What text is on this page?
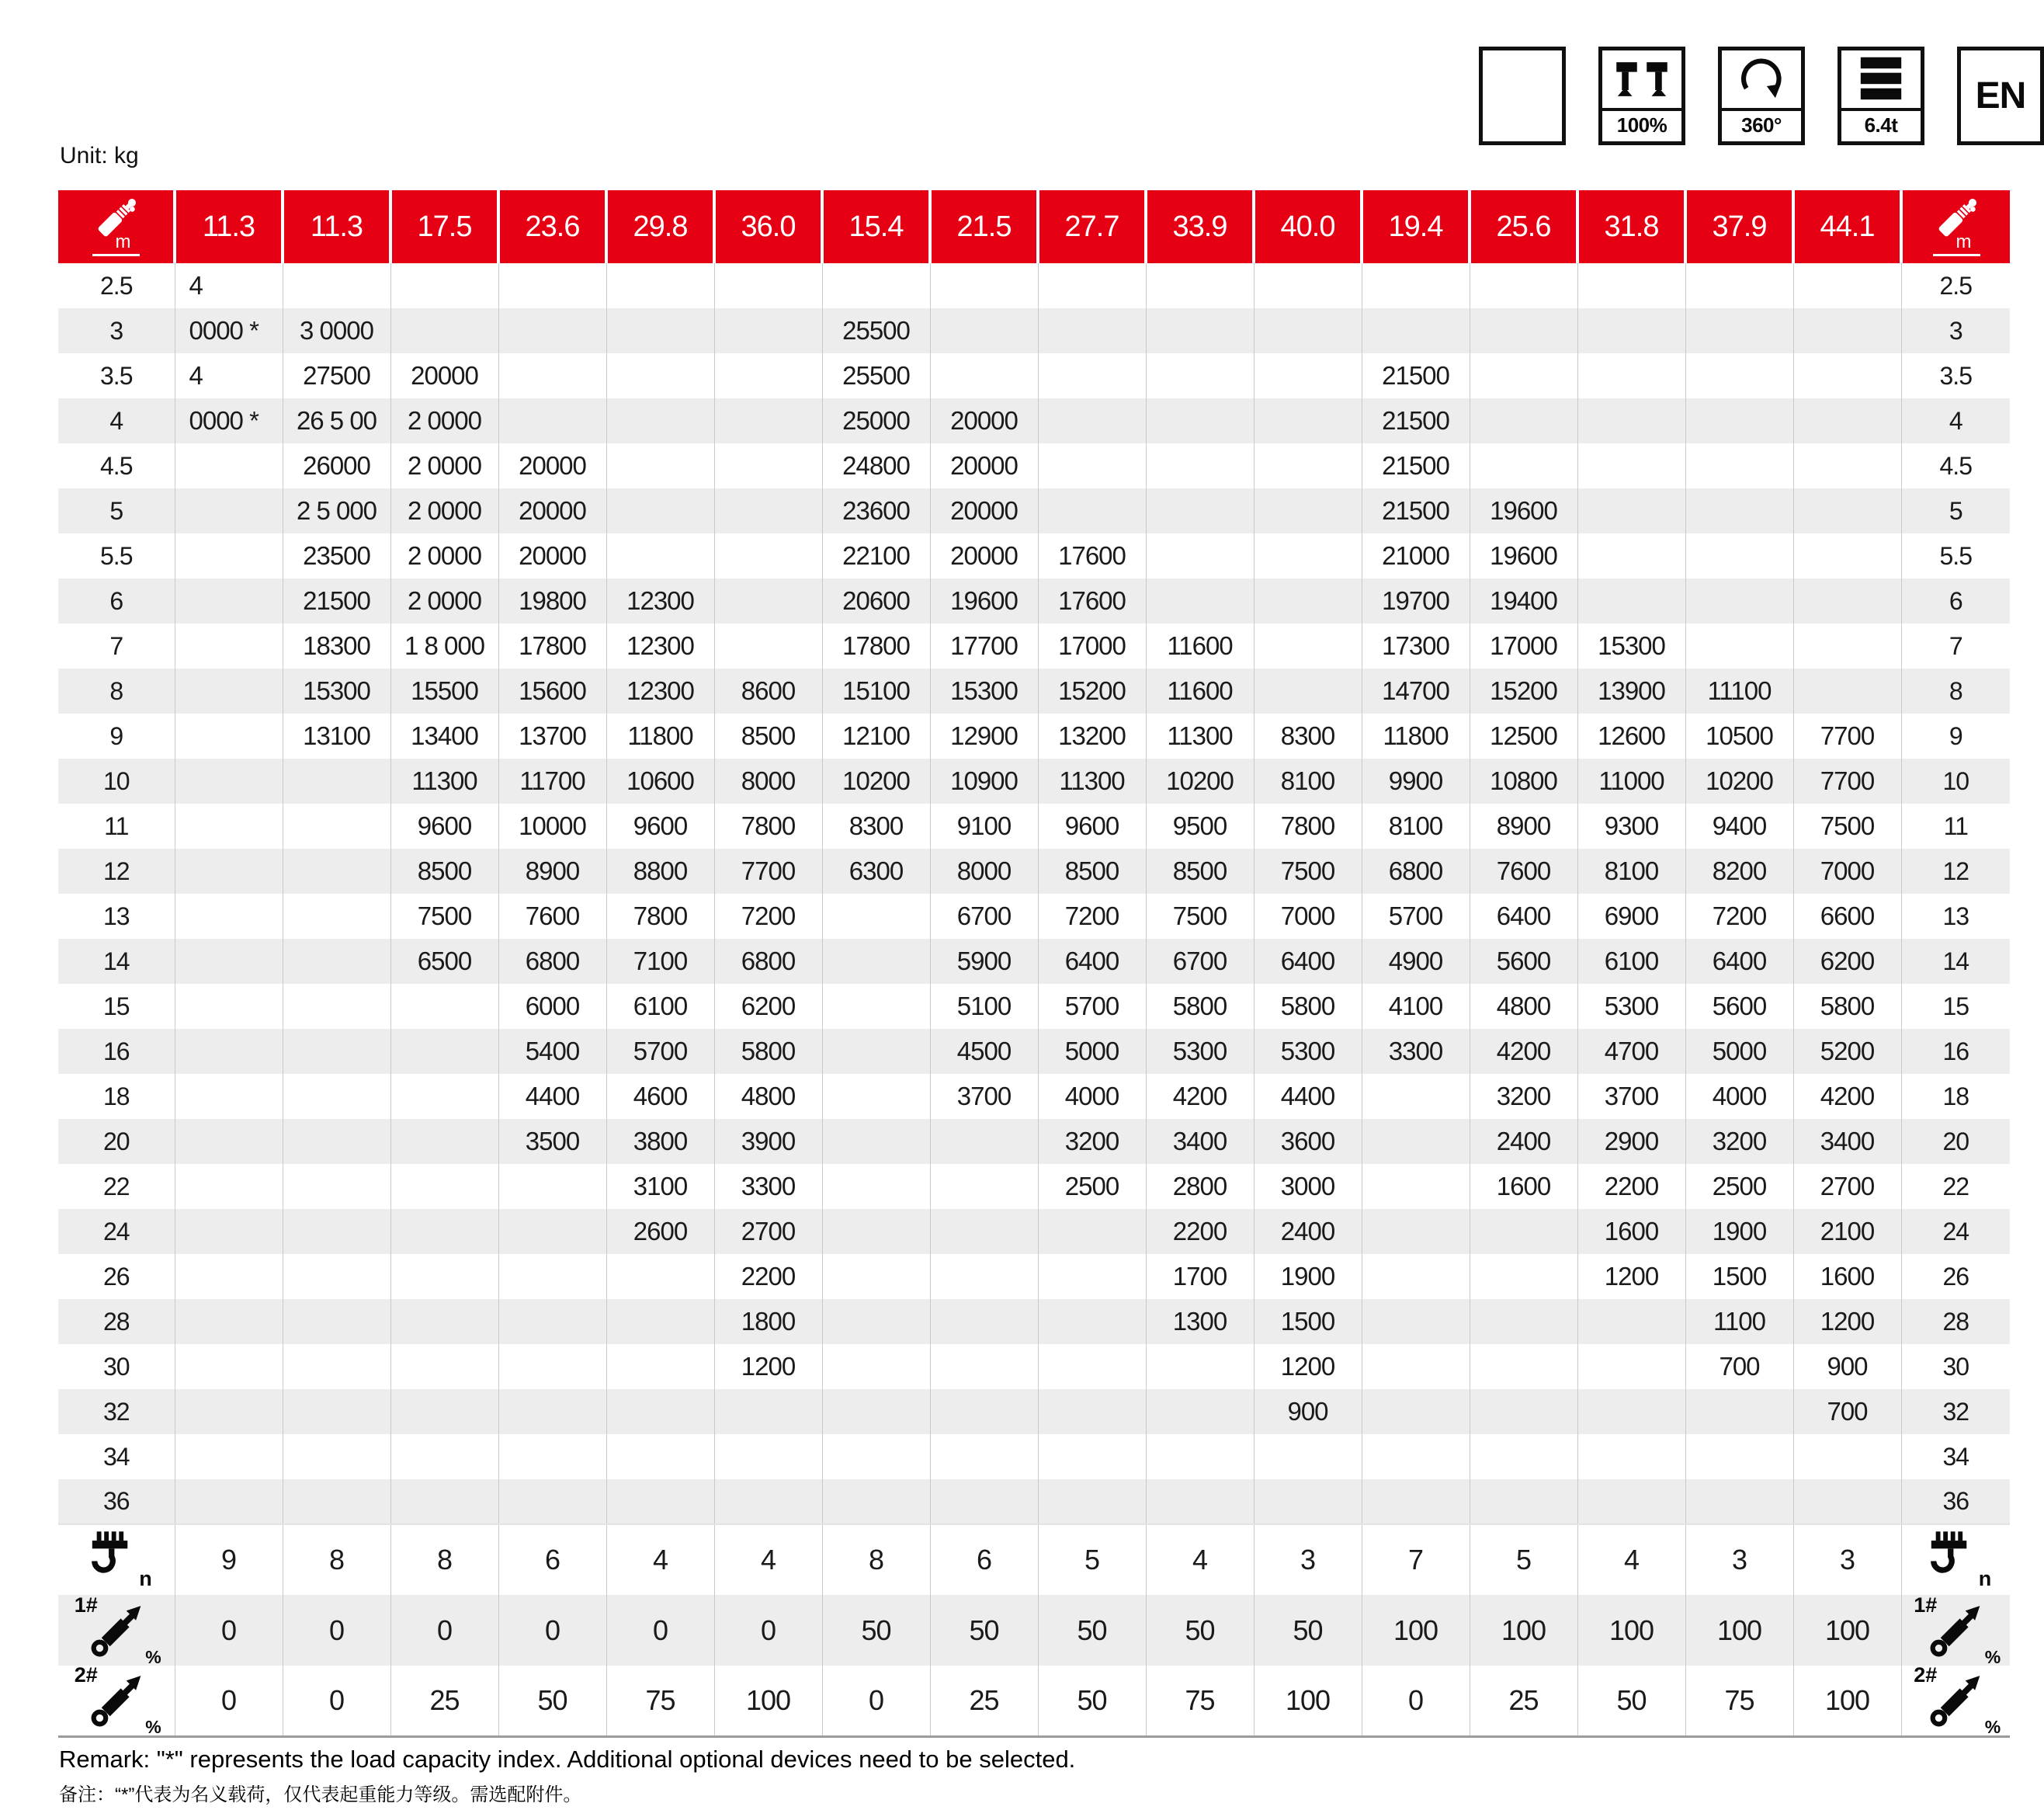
Unit: kg
100%	360°	6.4t
EN
m	11.3	11.3	17.5	23.6	29.8	36.0	15.4	21.5	27.7	33.9	40.0	19.4	25.6	31.8	37.9	44.1	m

2.5	4																2.5
3	0000 *	3 0000					25500										3
3.5	4	27500	20000				25500					21500					3.5
4	0000 *	26 5 00	2 0000				25000	20000				21500					4
4.5		26000	2 0000	20000			24800	20000				21500					4.5
5		2 5 000	2 0000	20000			23600	20000				21500	19600				5
5.5		23500	2 0000	20000			22100	20000	17600			21000	19600				5.5
6		21500	2 0000	19800	12300		20600	19600	17600			19700	19400				6
7		18300	1 8 000	17800	12300		17800	17700	17000	11600		17300	17000	15300			7
8		15300	15500	15600	12300	8600	15100	15300	15200	11600		14700	15200	13900	11100		8
9		13100	13400	13700	11800	8500	12100	12900	13200	11300	8300	11800	12500	12600	10500	7700	9
10			11300	11700	10600	8000	10200	10900	11300	10200	8100	9900	10800	11000	10200	7700	10
11			9600	10000	9600	7800	8300	9100	9600	9500	7800	8100	8900	9300	9400	7500	11
12			8500	8900	8800	7700	6300	8000	8500	8500	7500	6800	7600	8100	8200	7000	12
13			7500	7600	7800	7200		6700	7200	7500	7000	5700	6400	6900	7200	6600	13
14			6500	6800	7100	6800		5900	6400	6700	6400	4900	5600	6100	6400	6200	14
15				6000	6100	6200		5100	5700	5800	5800	4100	4800	5300	5600	5800	15
16				5400	5700	5800		4500	5000	5300	5300	3300	4200	4700	5000	5200	16
18				4400	4600	4800		3700	4000	4200	4400		3200	3700	4000	4200	18
20				3500	3800	3900			3200	3400	3600		2400	2900	3200	3400	20
22					3100	3300			2500	2800	3000		1600	2200	2500	2700	22
24					2600	2700				2200	2400			1600	1900	2100	24
26						2200				1700	1900			1200	1500	1600	26
28						1800				1300	1500				1100	1200	28
30						1200					1200				700	900	30
32											900					700	32
34																	34
36																	36

n	9	8	8	6	4	4	8	6	5	4	3	7	5	4	3	3	n

1#
%	0	0	0	0	0	0	50	50	50	50	50	100	100	100	100	100	1#
%

2#
%	0	0	25	50	75	100	0	25	50	75	100	0	25	50	75	100	2#
%
Remark: "*" represents the load capacity index. Additional optional devices need to be selected.
备注：“*”代表为名义载荷，仅代表起重能力等级。需选配附件。
